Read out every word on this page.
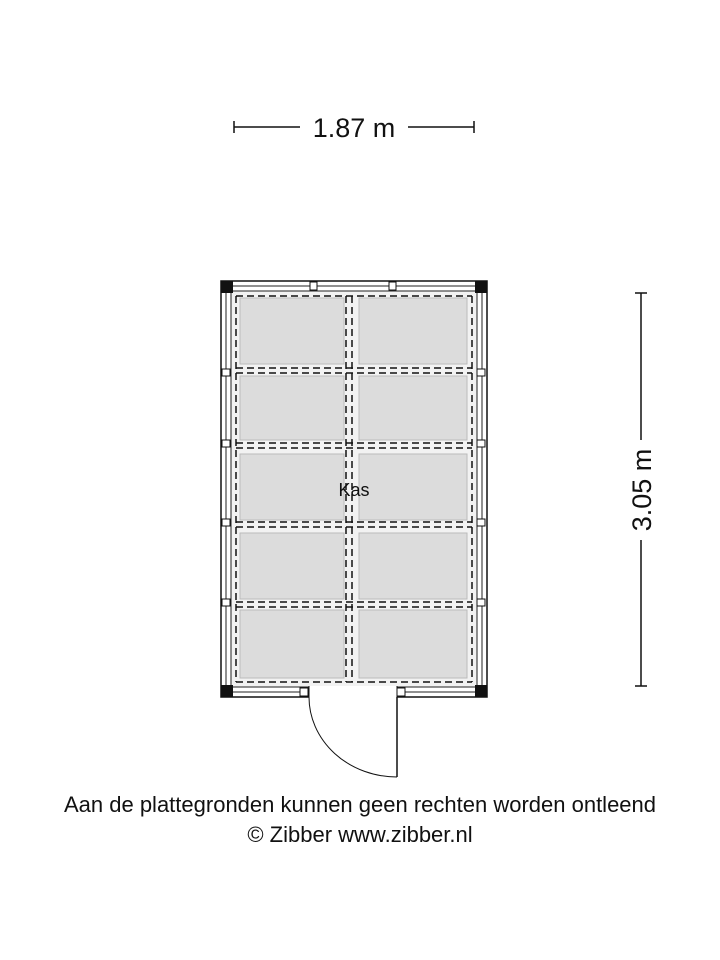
1.87 m
3.05 m
Kas
Aan de plattegronden kunnen geen rechten worden ontleend
© Zibber www.zibber.nl
